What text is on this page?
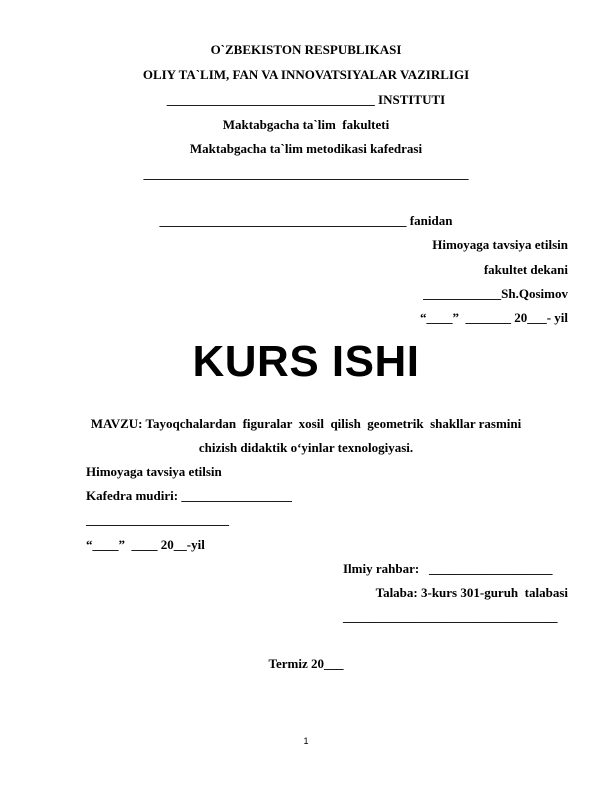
O`ZBEKISTON RESPUBLIKASI
OLIY TA`LIM, FAN VA INNOVATSIYALAR VAZIRLIGI
________________________________ INSTITUTI
Maktabgacha ta`lim  fakulteti
Maktabgacha ta`lim metodikasi kafedrasi
__________________________________________________
______________________________________ fanidan
Himoyaga tavsiya etilsin
fakultet dekani
____________Sh.Qosimov
“____”  _______ 20___- yil
KURS ISHI
MAVZU: Tayoqchalardan  figuralar  xosil  qilish  geometrik  shakllar rasmini
chizish didaktik o‘yinlar texnologiyasi.
Himoyaga tavsiya etilsin
Kafedra mudiri: _________________
______________________
“____”  ____ 20__-yil
Ilmiy rahbar:   ___________________
Talaba: 3-kurs 301-guruh  talabasi
_________________________________
Termiz 20___
1
